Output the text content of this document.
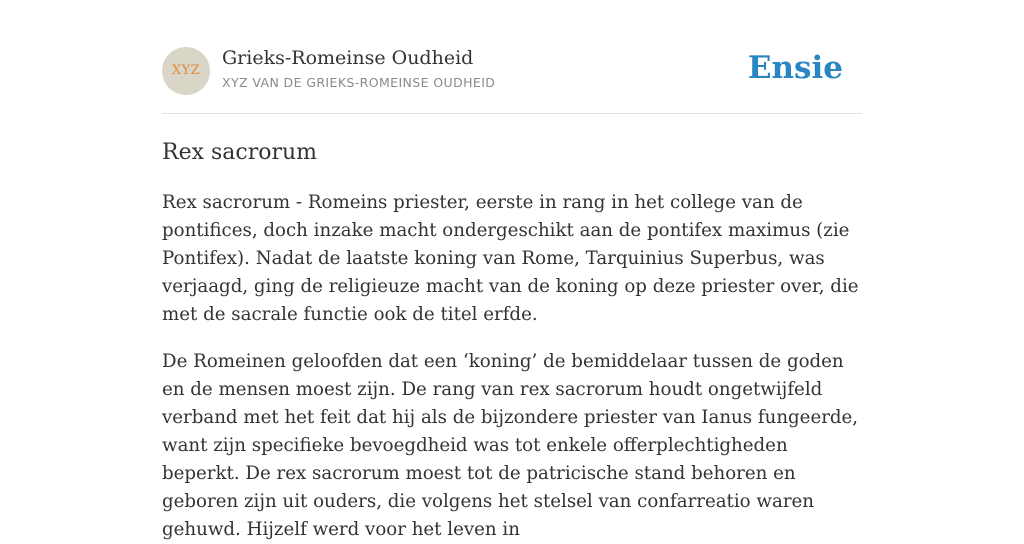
XYZ
Grieks-Romeinse Oudheid
XYZ VAN DE GRIEKS-ROMEINSE OUDHEID	Ensie
Rex sacrorum

Rex sacrorum - Romeins priester, eerste in rang in het college van de pontifices, doch inzake macht ondergeschikt aan de pontifex maximus (zie Pontifex). Nadat de laatste koning van Rome, Tarquinius Superbus, was verjaagd, ging de religieuze macht van de koning op deze priester over, die met de sacrale functie ook de titel erfde.

De Romeinen geloofden dat een ‘koning’ de bemiddelaar tussen de goden en de mensen moest zijn. De rang van rex sacrorum houdt ongetwijfeld verband met het feit dat hij als de bijzondere priester van Ianus fungeerde, want zijn specifieke bevoegdheid was tot enkele offerplechtigheden beperkt. De rex sacrorum moest tot de patricische stand behoren en geboren zijn uit ouders, die volgens het stelsel van confarreatio waren gehuwd. Hijzelf werd voor het leven in
